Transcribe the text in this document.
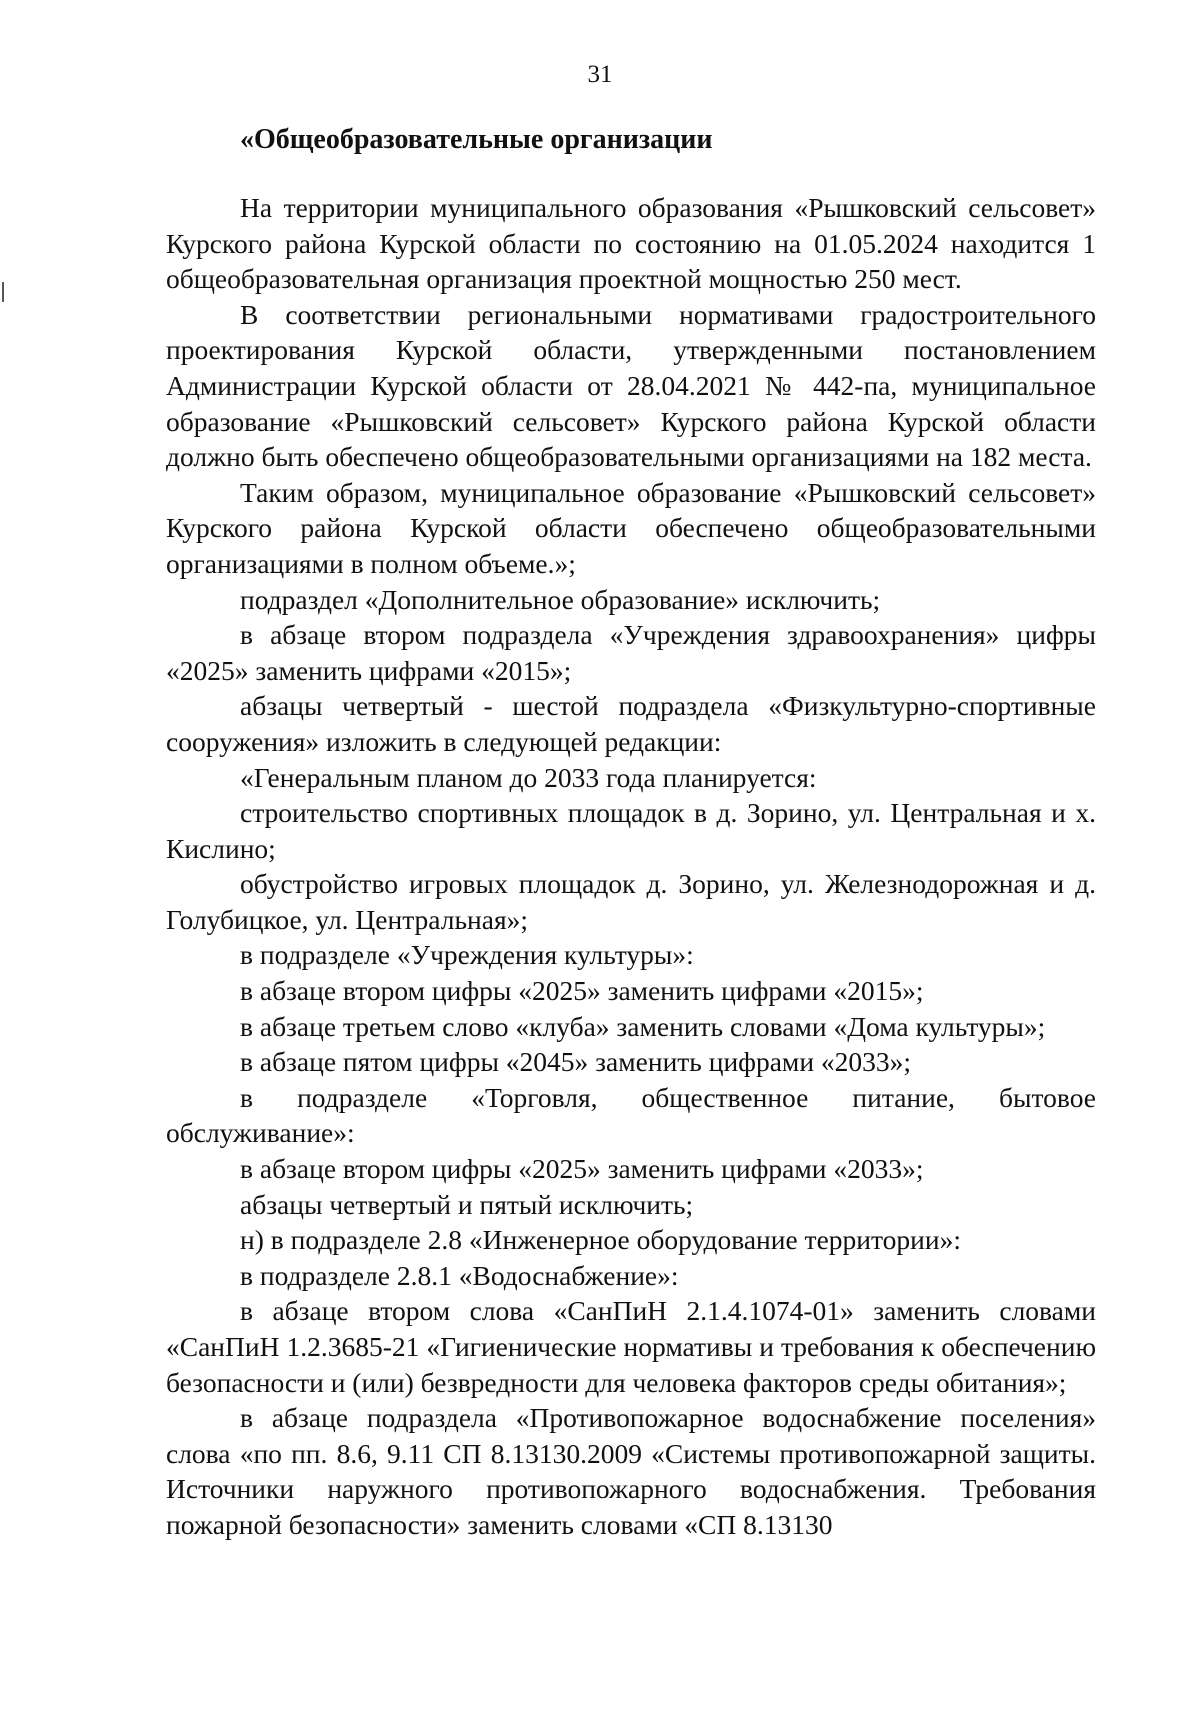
31

«Общеобразовательные организации

На территории муниципального образования «Рышковский сельсовет» Курского района Курской области по состоянию на 01.05.2024 находится 1 общеобразовательная организация проектной мощностью 250 мест.

В соответствии региональными нормативами градостроительного проектирования Курской области, утвержденными постановлением Администрации Курской области от 28.04.2021 № 442-па, муниципальное образование «Рышковский сельсовет» Курского района Курской области должно быть обеспечено общеобразовательными организациями на 182 места.

Таким образом, муниципальное образование «Рышковский сельсовет» Курского района Курской области обеспечено общеобразовательными организациями в полном объеме.»;

подраздел «Дополнительное образование» исключить;

в абзаце втором подраздела «Учреждения здравоохранения» цифры «2025» заменить цифрами «2015»;

абзацы четвертый - шестой подраздела «Физкультурно-спортивные сооружения» изложить в следующей редакции:

«Генеральным планом до 2033 года планируется:

строительство спортивных площадок в д. Зорино, ул. Центральная и х. Кислино;

обустройство игровых площадок д. Зорино, ул. Железнодорожная и д. Голубицкое, ул. Центральная»;

в подразделе «Учреждения культуры»:

в абзаце втором цифры «2025» заменить цифрами «2015»;

в абзаце третьем слово «клуба» заменить словами «Дома культуры»;

в абзаце пятом цифры «2045» заменить цифрами «2033»;

в подразделе «Торговля, общественное питание, бытовое обслуживание»:

в абзаце втором цифры «2025» заменить цифрами «2033»;

абзацы четвертый и пятый исключить;

н) в подразделе 2.8 «Инженерное оборудование территории»:

в подразделе 2.8.1 «Водоснабжение»:

в абзаце втором слова «СанПиН 2.1.4.1074-01» заменить словами «СанПиН 1.2.3685-21 «Гигиенические нормативы и требования к обеспечению безопасности и (или) безвредности для человека факторов среды обитания»;

в абзаце подраздела «Противопожарное водоснабжение поселения» слова «по пп. 8.6, 9.11 СП 8.13130.2009 «Системы противопожарной защиты. Источники наружного противопожарного водоснабжения. Требования пожарной безопасности» заменить словами «СП 8.13130
